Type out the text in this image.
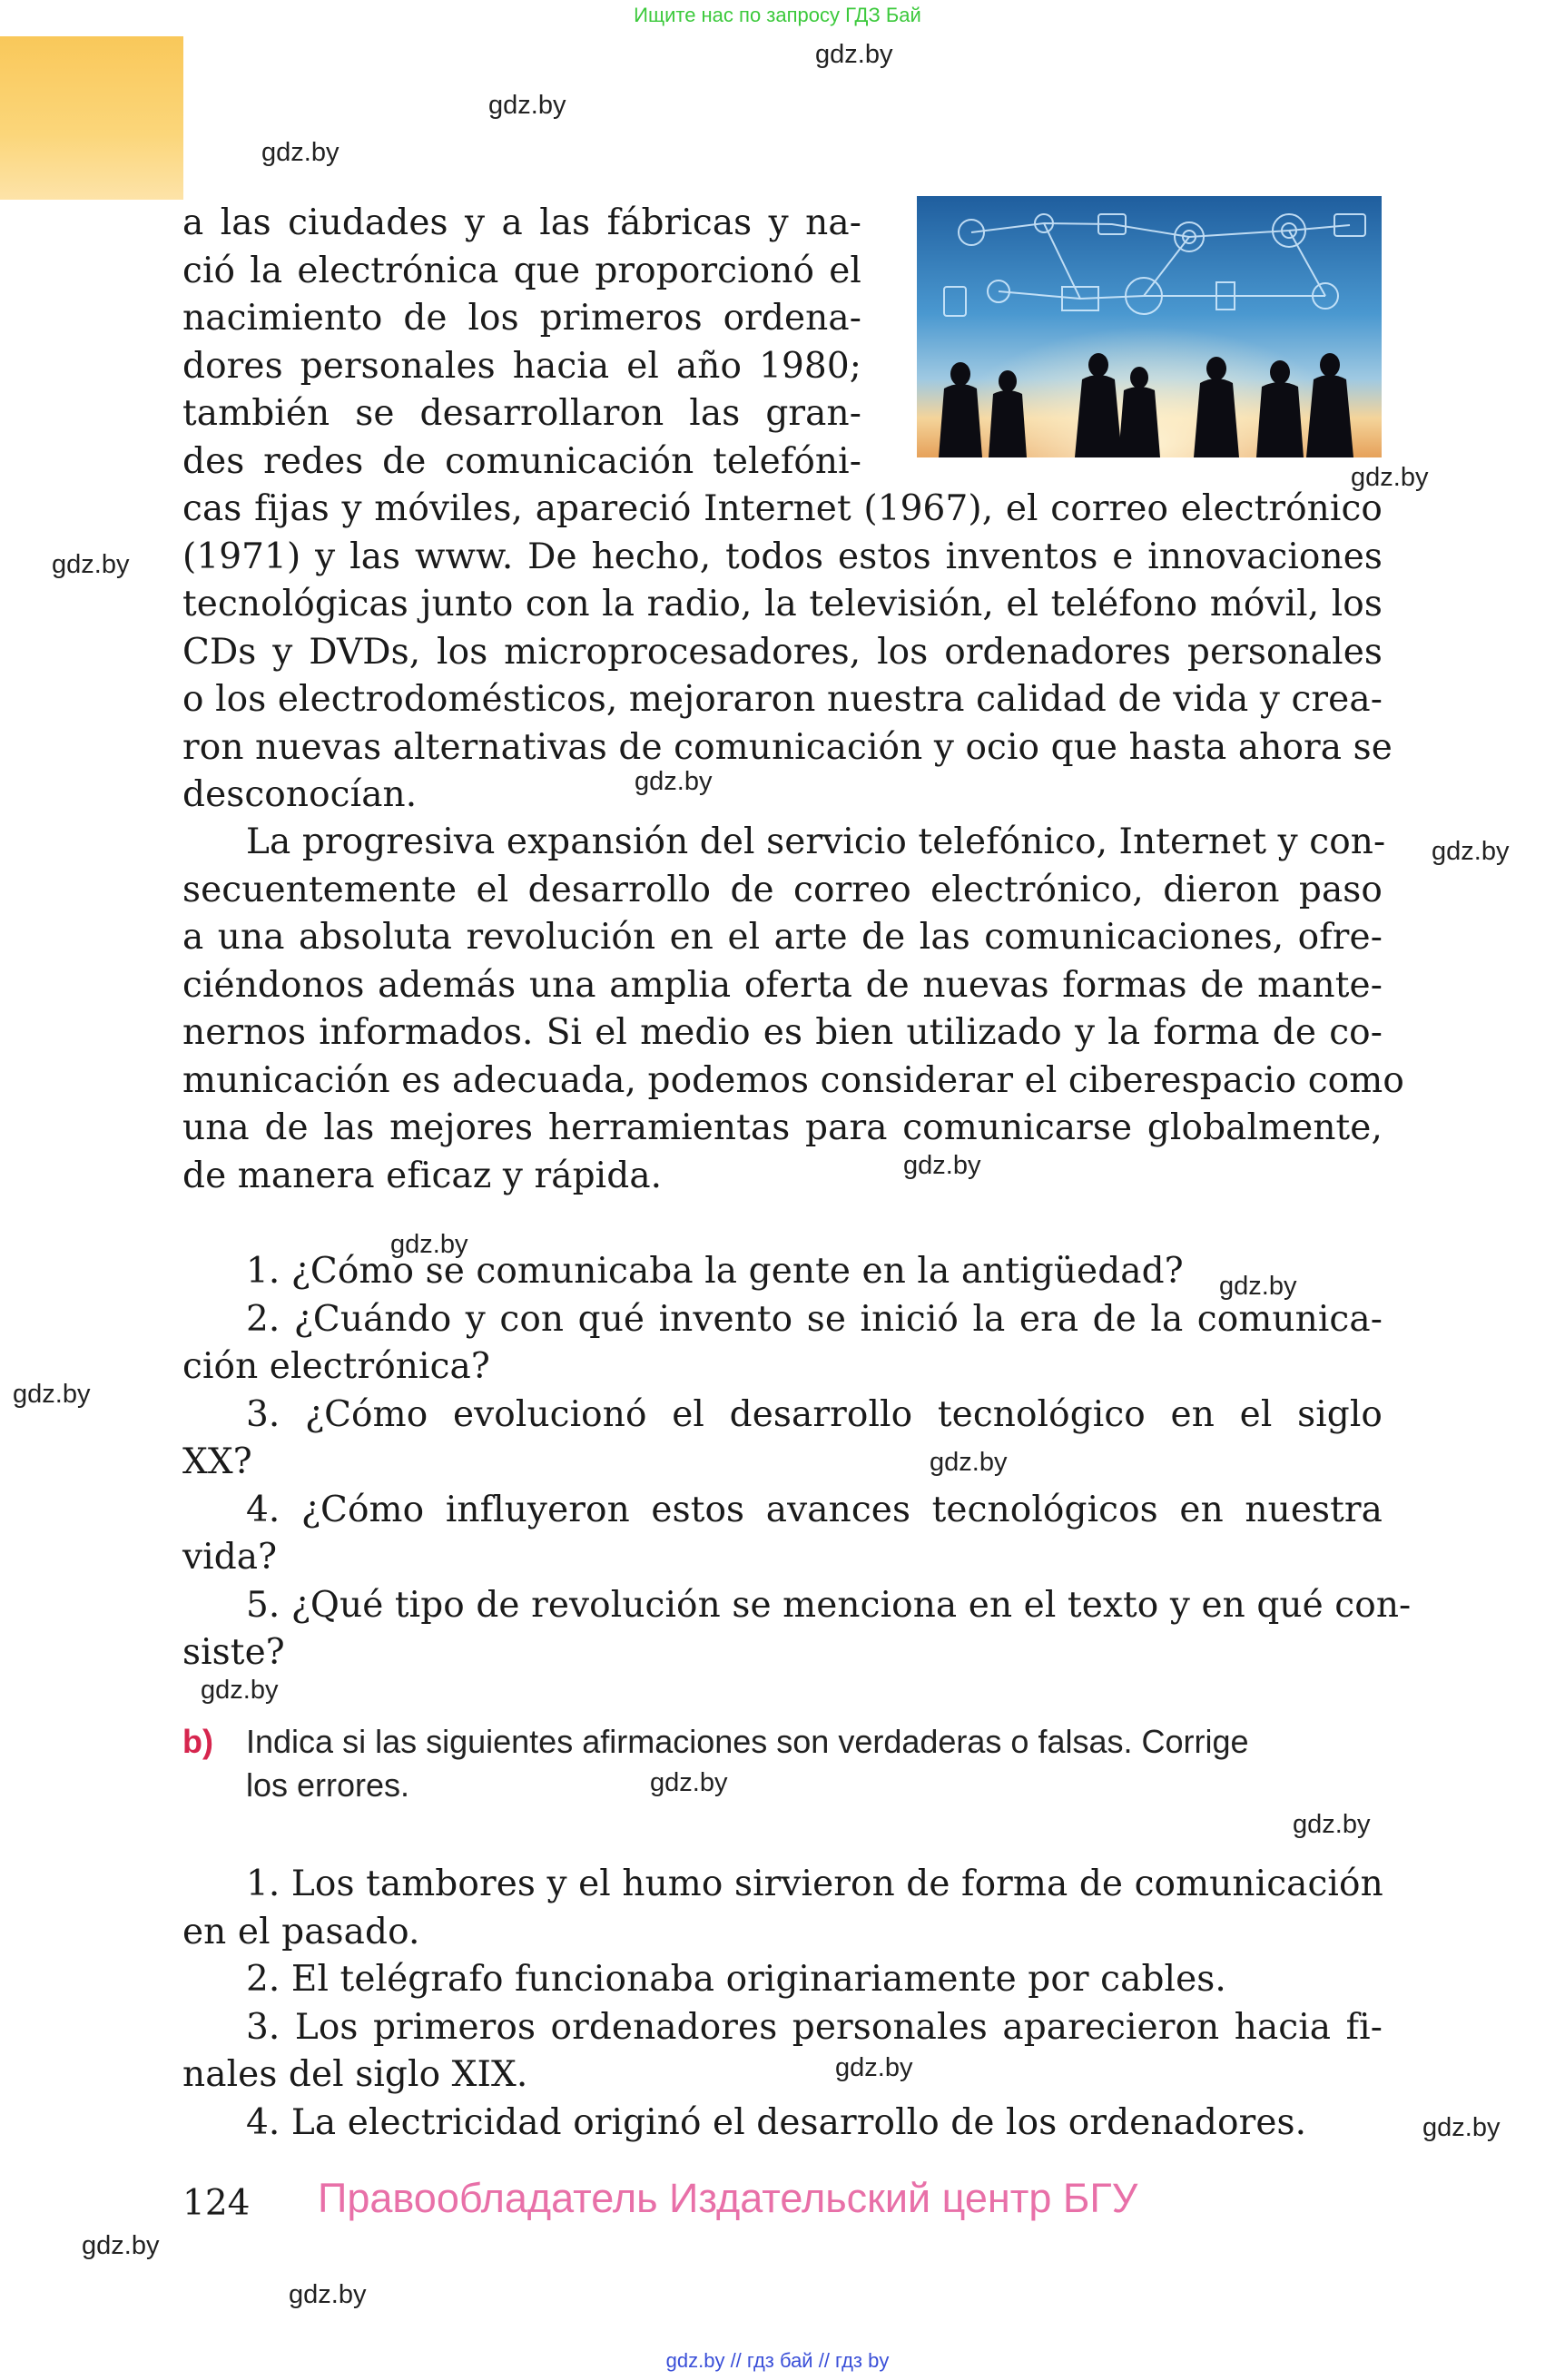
Ищите нас по запросу ГДЗ Бай
gdz.by
gdz.by
gdz.by
gdz.by
gdz.by
gdz.by
gdz.by
gdz.by
gdz.by
gdz.by
gdz.by
gdz.by
gdz.by
gdz.by
gdz.by
gdz.by
gdz.by
gdz.by
gdz.by
a las ciudades y a las fábricas y na-
ció la electrónica que proporcionó el
nacimiento de los primeros ordena-
dores personales hacia el año 1980;
también se desarrollaron las gran-
des redes de comunicación telefóni-
cas fijas y móviles, apareció Internet (1967), el correo electrónico
(1971) y las www. De hecho, todos estos inventos e innovaciones
tecnológicas junto con la radio, la televisión, el teléfono móvil, los
CDs y DVDs, los microprocesadores, los ordenadores personales
o los electrodomésticos, mejoraron nuestra calidad de vida y crea-
ron nuevas alternativas de comunicación y ocio que hasta ahora se
desconocían.
La progresiva expansión del servicio telefónico, Internet y con-
secuentemente el desarrollo de correo electrónico, dieron paso
a una absoluta revolución en el arte de las comunicaciones, ofre-
ciéndonos además una amplia oferta de nuevas formas de mante-
nernos informados. Si el medio es bien utilizado y la forma de co-
municación es adecuada, podemos considerar el ciberespacio como
una de las mejores herramientas para comunicarse globalmente,
de manera eficaz y rápida.
1. ¿Cómo se comunicaba la gente en la antigüedad?
2. ¿Cuándo y con qué invento se inició la era de la comunica-
ción electrónica?
3. ¿Cómo evolucionó el desarrollo tecnológico en el siglo
XX?
4. ¿Cómo influyeron estos avances tecnológicos en nuestra
vida?
5. ¿Qué tipo de revolución se menciona en el texto y en qué con-
siste?
b) Indica si las siguientes afirmaciones son verdaderas o falsas. Corrige
los errores.
1. Los tambores y el humo sirvieron de forma de comunicación
en el pasado.
2. El telégrafo funcionaba originariamente por cables.
3. Los primeros ordenadores personales aparecieron hacia fi-
nales del siglo XIX.
4. La electricidad originó el desarrollo de los ordenadores.
124 Правообладатель Издательский центр БГУ
gdz.by // гдз бай // гдз by
